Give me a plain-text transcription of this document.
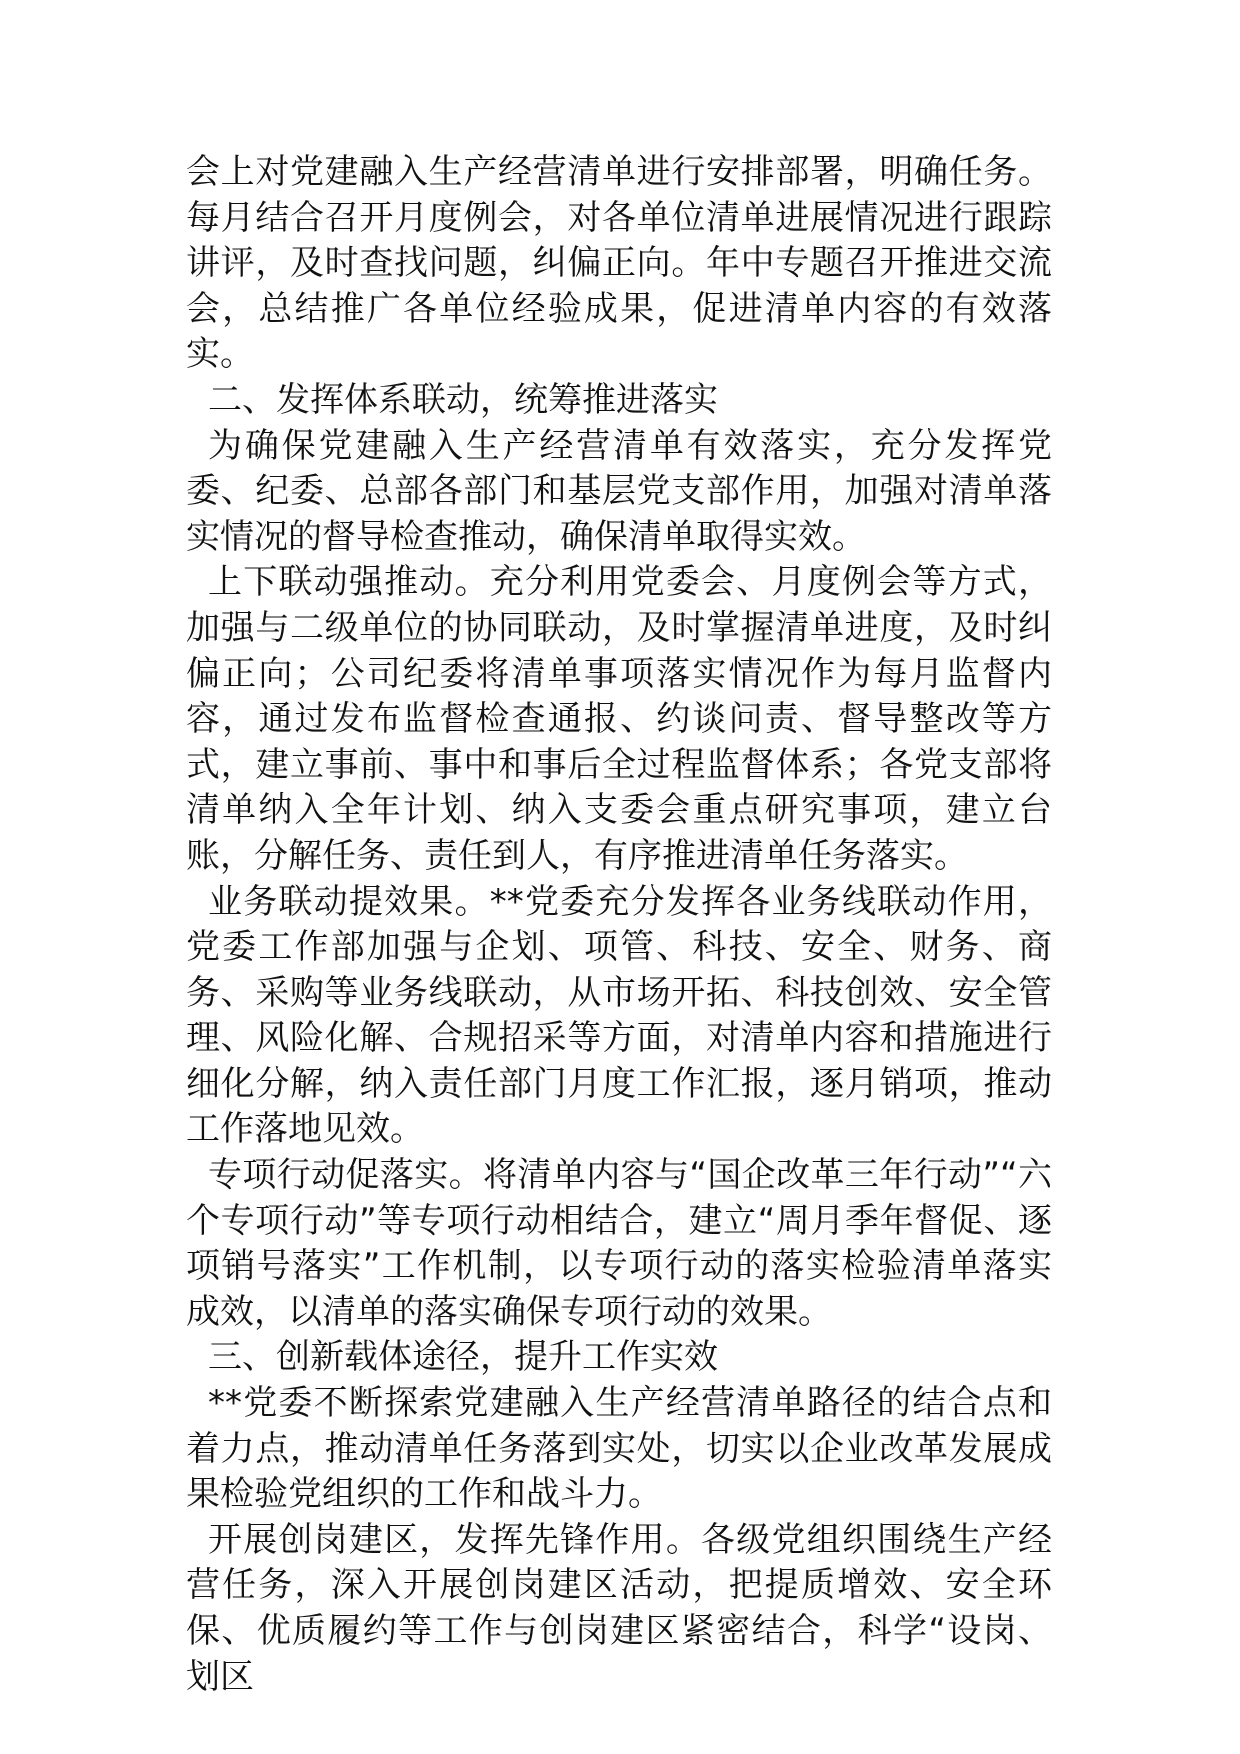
会上对党建融入生产经营清单进行安排部署，明确任务。每月结合召开月度例会，对各单位清单进展情况进行跟踪讲评，及时查找问题，纠偏正向。年中专题召开推进交流会，总结推广各单位经验成果，促进清单内容的有效落实。

二、发挥体系联动，统筹推进落实

为确保党建融入生产经营清单有效落实，充分发挥党委、纪委、总部各部门和基层党支部作用，加强对清单落实情况的督导检查推动，确保清单取得实效。

上下联动强推动。充分利用党委会、月度例会等方式，加强与二级单位的协同联动，及时掌握清单进度，及时纠偏正向；公司纪委将清单事项落实情况作为每月监督内容，通过发布监督检查通报、约谈问责、督导整改等方式，建立事前、事中和事后全过程监督体系；各党支部将清单纳入全年计划、纳入支委会重点研究事项，建立台账，分解任务、责任到人，有序推进清单任务落实。

业务联动提效果。**党委充分发挥各业务线联动作用，党委工作部加强与企划、项管、科技、安全、财务、商务、采购等业务线联动，从市场开拓、科技创效、安全管理、风险化解、合规招采等方面，对清单内容和措施进行细化分解，纳入责任部门月度工作汇报，逐月销项，推动工作落地见效。

专项行动促落实。将清单内容与“国企改革三年行动”“六个专项行动”等专项行动相结合，建立“周月季年督促、逐项销号落实”工作机制，以专项行动的落实检验清单落实成效，以清单的落实确保专项行动的效果。

三、创新载体途径，提升工作实效

**党委不断探索党建融入生产经营清单路径的结合点和着力点，推动清单任务落到实处，切实以企业改革发展成果检验党组织的工作和战斗力。

开展创岗建区，发挥先锋作用。各级党组织围绕生产经营任务，深入开展创岗建区活动，把提质增效、安全环保、优质履约等工作与创岗建区紧密结合，科学“设岗、划区
